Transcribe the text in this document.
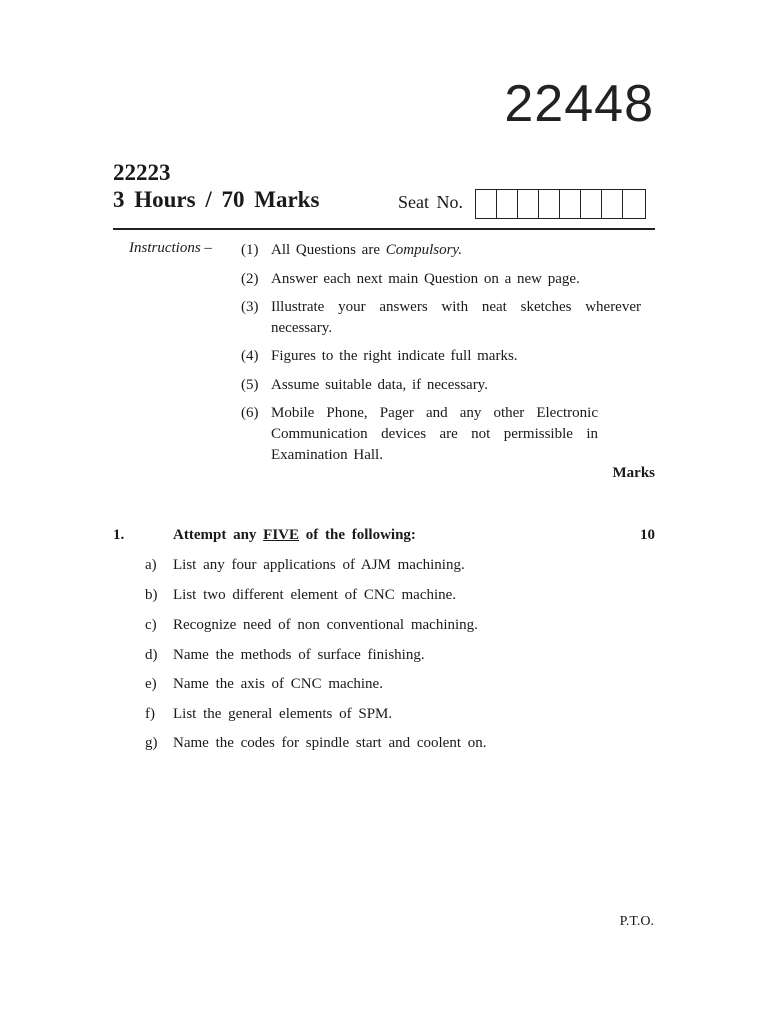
22448
22223
3 Hours / 70 Marks	Seat No.
Instructions – (1) All Questions are Compulsory.
(2) Answer each next main Question on a new page.
(3) Illustrate your answers with neat sketches wherever necessary.
(4) Figures to the right indicate full marks.
(5) Assume suitable data, if necessary.
(6) Mobile Phone, Pager and any other Electronic Communication devices are not permissible in Examination Hall.
Marks
1.	Attempt any FIVE of the following:	10
a) List any four applications of AJM machining.
b) List two different element of CNC machine.
c) Recognize need of non conventional machining.
d) Name the methods of surface finishing.
e) Name the axis of CNC machine.
f) List the general elements of SPM.
g) Name the codes for spindle start and coolent on.
P.T.O.
